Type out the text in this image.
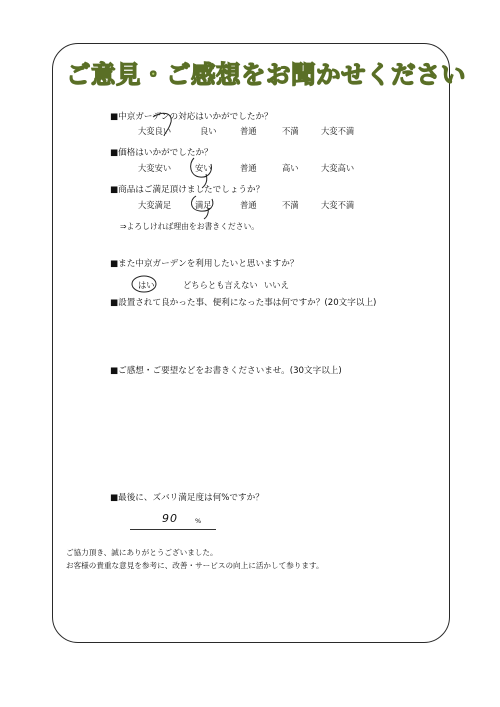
ご意見・ご感想をお聞かせください
■中京ガーデンの対応はいかがでしたか？
大変良い	良い	普通	不満	大変不満
■価格はいかがでしたか？
大変安い	安い	普通	高い	大変高い
■商品はご満足頂けましたでしょうか？
大変満足	満足	普通	不満	大変不満
⇒よろしければ理由をお書きください。
■また中京ガーデンを利用したいと思いますか？
はい	どちらとも言えない いいえ
■設置されて良かった事、便利になった事は何ですか？(20文字以上)
■ご感想・ご要望などをお書きくださいませ。(30文字以上)
■最後に、ズバリ満足度は何%ですか？
90	%
ご協力頂き、誠にありがとうございました。
お客様の貴重な意見を参考に、改善・サービスの向上に活かして参ります。
